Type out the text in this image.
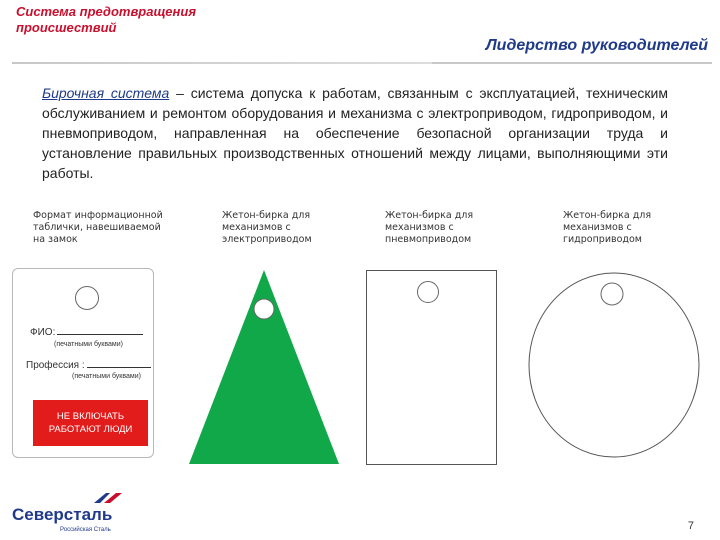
Система предотвращения происшествий
Лидерство руководителей
Бирочная система – система допуска к работам, связанным с эксплуатацией, техническим обслуживанием и ремонтом оборудования и механизма с электроприводом, гидроприводом, и пневмоприводом, направленная на обеспечение безопасной организации труда и установление правильных производственных отношений между лицами, выполняющими эти работы.
Формат информационной таблички, навешиваемой на замок
Жетон-бирка для механизмов с электроприводом
Жетон-бирка для механизмов с пневмоприводом
Жетон-бирка для механизмов с гидроприводом
ФИО:
(печатными буквами)
Профессия :
(печатными буквами)
НЕ ВКЛЮЧАТЬ РАБОТАЮТ ЛЮДИ
Северсталь
Российская Сталь	7
